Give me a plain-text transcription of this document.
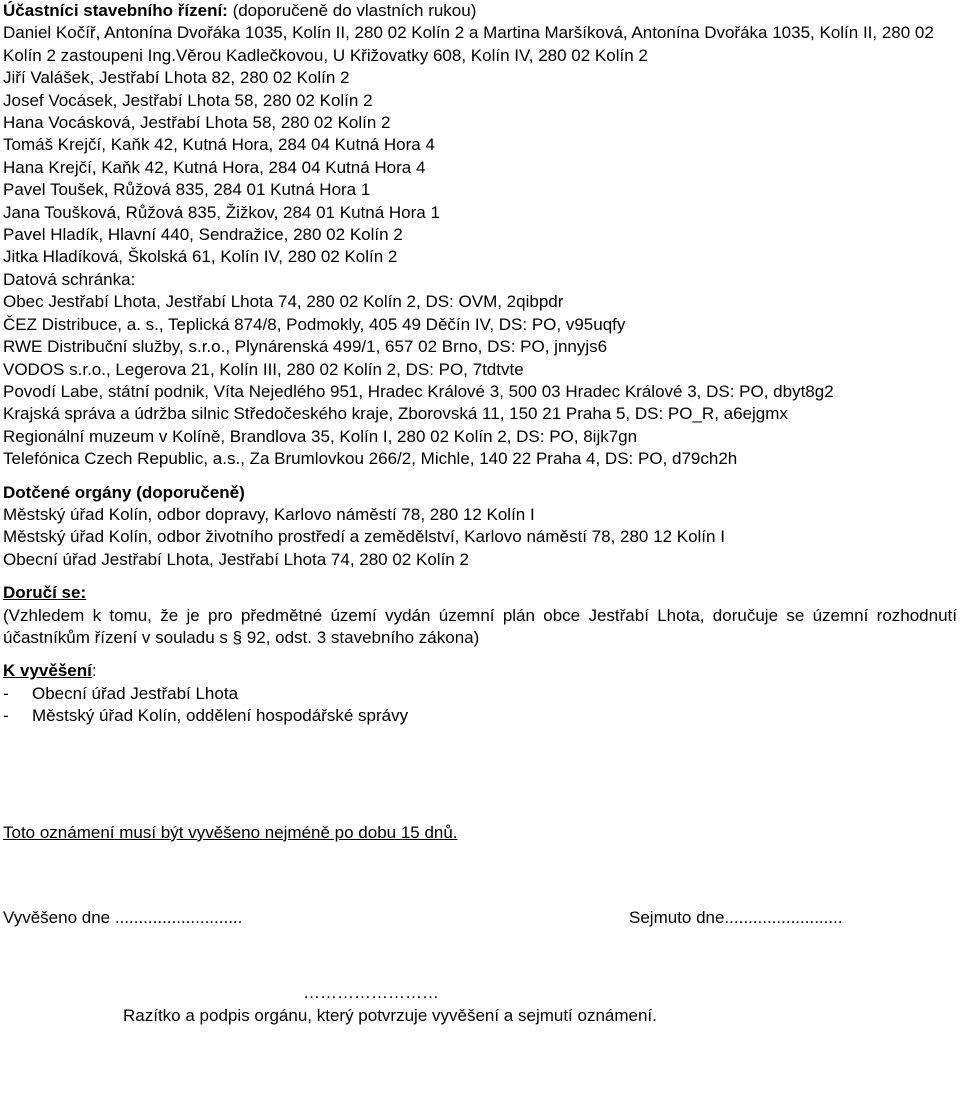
Účastníci stavebního řízení: (doporučeně do vlastních rukou)
Daniel Kočíř, Antonína Dvořáka 1035, Kolín II, 280 02 Kolín 2 a Martina Maršíková, Antonína Dvořáka 1035, Kolín II, 280 02 Kolín 2 zastoupeni Ing.Věrou Kadlečkovou, U Křižovatky 608, Kolín IV, 280 02 Kolín 2
Jiří Valášek, Jestřabí Lhota 82, 280 02 Kolín 2
Josef Vocásek, Jestřabí Lhota 58, 280 02 Kolín 2
Hana Vocásková, Jestřabí Lhota 58, 280 02 Kolín 2
Tomáš Krejčí, Kaňk 42, Kutná Hora, 284 04 Kutná Hora 4
Hana Krejčí, Kaňk 42, Kutná Hora, 284 04 Kutná Hora 4
Pavel Toušek, Růžová 835, 284 01 Kutná Hora 1
Jana Toušková, Růžová 835, Žižkov, 284 01 Kutná Hora 1
Pavel Hladík, Hlavní 440, Sendražice, 280 02 Kolín 2
Jitka Hladíková, Školská 61, Kolín IV, 280 02 Kolín 2
Datová schránka:
Obec Jestřabí Lhota, Jestřabí Lhota 74, 280 02 Kolín 2, DS: OVM, 2qibpdr
ČEZ Distribuce, a. s., Teplická 874/8, Podmokly, 405 49 Děčín IV, DS: PO, v95uqfy
RWE Distribuční služby, s.r.o., Plynárenská 499/1, 657 02 Brno, DS: PO, jnnyjs6
VODOS s.r.o., Legerova 21, Kolín III, 280 02 Kolín 2, DS: PO, 7tdtvte
Povodí Labe, státní podnik, Víta Nejedlého 951, Hradec Králové 3, 500 03 Hradec Králové 3, DS: PO, dbyt8g2
Krajská správa a údržba silnic Středočeského kraje, Zborovská 11, 150 21 Praha 5, DS: PO_R, a6ejgmx
Regionální muzeum v Kolíně, Brandlova 35, Kolín I, 280 02 Kolín 2, DS: PO, 8ijk7gn
Telefónica Czech Republic, a.s., Za Brumlovkou 266/2, Michle, 140 22 Praha 4, DS: PO, d79ch2h
Dotčené orgány (doporučeně)
Městský úřad Kolín, odbor dopravy, Karlovo náměstí 78, 280 12 Kolín I
Městský úřad Kolín, odbor životního prostředí a zemědělství, Karlovo náměstí 78, 280 12 Kolín I
Obecní úřad Jestřabí Lhota, Jestřabí Lhota 74, 280 02 Kolín 2
Doručí se:
(Vzhledem k tomu, že je pro předmětné území vydán územní plán obce Jestřabí Lhota, doručuje se územní rozhodnutí účastníkům řízení v souladu s § 92, odst. 3 stavebního zákona)
K vyvěšení:
-	Obecní úřad Jestřabí Lhota
-	Městský úřad Kolín, oddělení hospodářské správy
Toto oznámení musí být vyvěšeno nejméně po dobu 15 dnů.
Vyvěšeno dne ...........................	Sejmuto dne.........................
……………………
Razítko a podpis orgánu, který potvrzuje vyvěšení a sejmutí oznámení.
